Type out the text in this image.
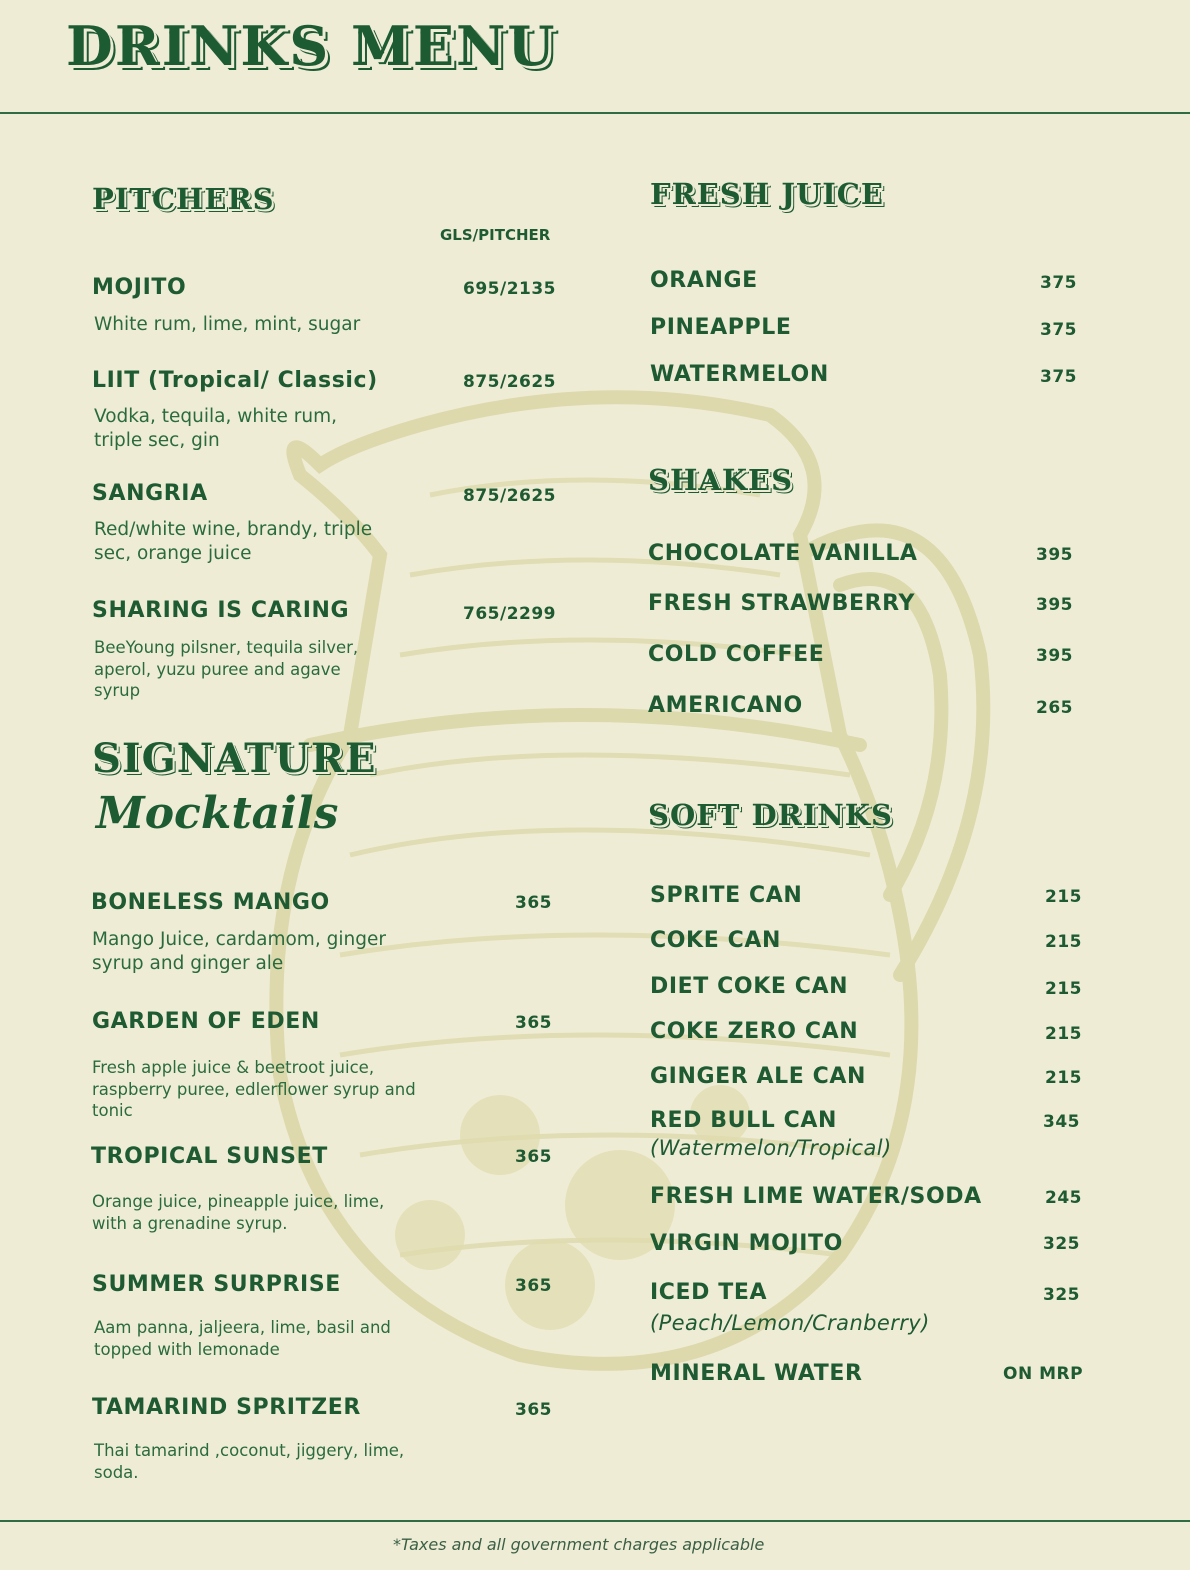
DRINKS MENU
PITCHERS
GLS/PITCHER
MOJITO	695/2135
White rum, lime, mint, sugar
LIIT (Tropical/ Classic)	875/2625
Vodka, tequila, white rum,
triple sec, gin
SANGRIA	875/2625
Red/white wine, brandy, triple
sec, orange juice
SHARING IS CARING	765/2299
BeeYoung pilsner, tequila silver,
aperol, yuzu puree and agave
syrup
SIGNATURE
Mocktails
BONELESS MANGO	365
Mango Juice, cardamom, ginger
syrup and ginger ale
GARDEN OF EDEN	365
Fresh apple juice & beetroot juice,
raspberry puree, edlerflower syrup and
tonic
TROPICAL SUNSET	365
Orange juice, pineapple juice, lime,
with a grenadine syrup.
SUMMER SURPRISE	365
Aam panna, jaljeera, lime, basil and
topped with lemonade
TAMARIND SPRITZER	365
Thai tamarind ,coconut, jiggery, lime,
soda.
FRESH JUICE
ORANGE	375
PINEAPPLE	375
WATERMELON	375
SHAKES
CHOCOLATE VANILLA	395
FRESH STRAWBERRY	395
COLD COFFEE	395
AMERICANO	265
SOFT DRINKS
SPRITE CAN	215
COKE CAN	215
DIET COKE CAN	215
COKE ZERO CAN	215
GINGER ALE CAN	215
RED BULL CAN	345
(Watermelon/Tropical)
FRESH LIME WATER/SODA	245
VIRGIN MOJITO	325
ICED TEA	325
(Peach/Lemon/Cranberry)
MINERAL WATER	ON MRP
*Taxes and all government charges applicable
